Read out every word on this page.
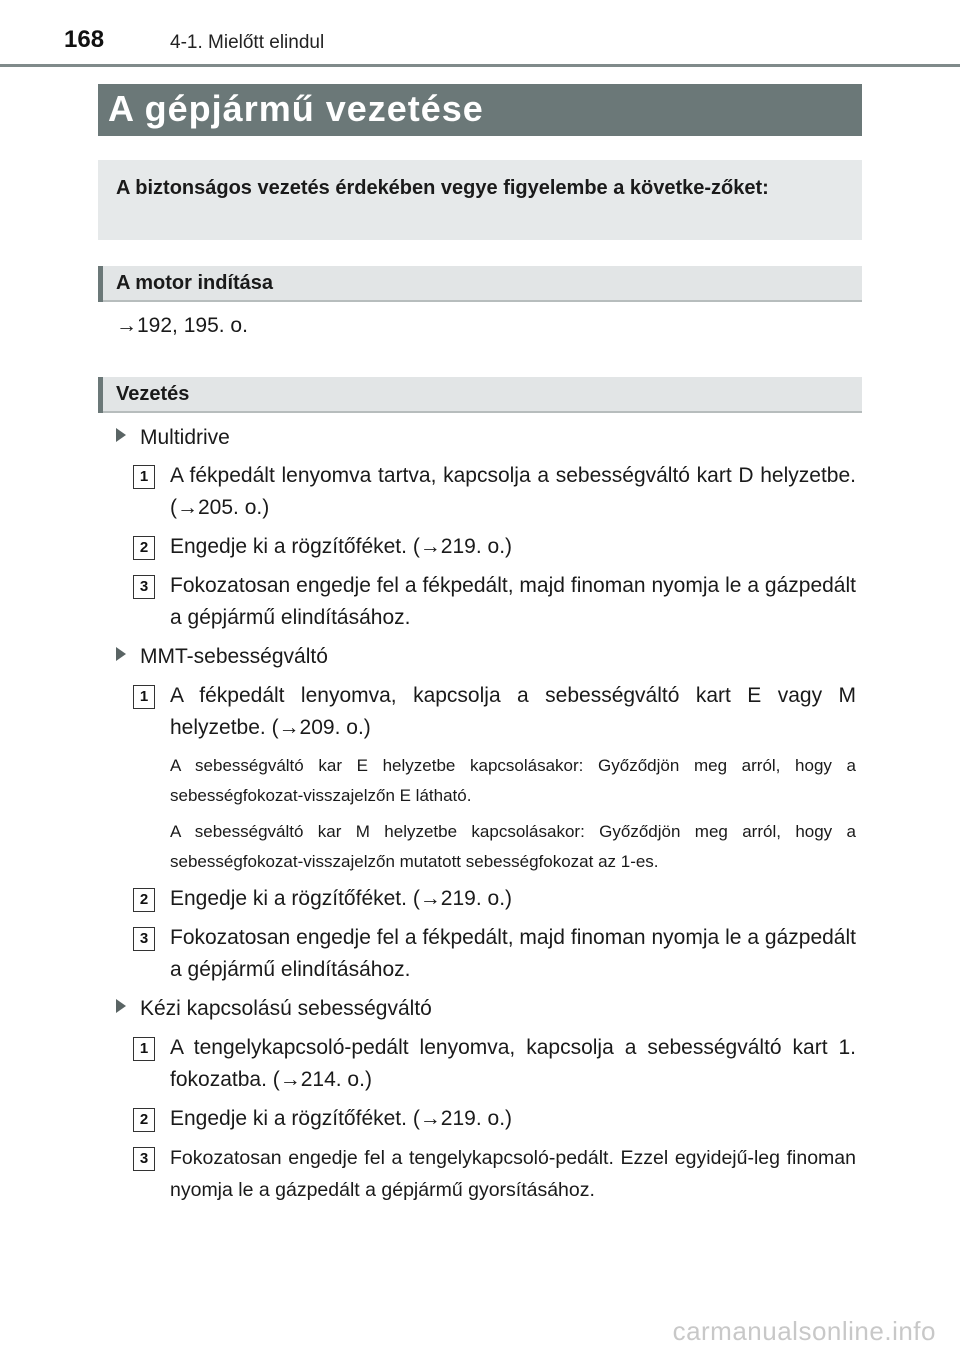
168	4-1. Mielőtt elindul
A gépjármű vezetése
A biztonságos vezetés érdekében vegye figyelembe a követke-zőket:
A motor indítása
→192, 195. o.
Vezetés
Multidrive
1	A fékpedált lenyomva tartva, kapcsolja a sebességváltó kart D helyzetbe. (→205. o.)
2	Engedje ki a rögzítőféket. (→219. o.)
3	Fokozatosan engedje fel a fékpedált, majd finoman nyomja le a gázpedált a gépjármű elindításához.
MMT-sebességváltó
1	A fékpedált lenyomva, kapcsolja a sebességváltó kart E vagy M helyzetbe. (→209. o.)
A sebességváltó kar E helyzetbe kapcsolásakor: Győződjön meg arról, hogy a sebességfokozat-visszajelzőn E látható.
A sebességváltó kar M helyzetbe kapcsolásakor: Győződjön meg arról, hogy a sebességfokozat-visszajelzőn mutatott sebességfokozat az 1-es.
2	Engedje ki a rögzítőféket. (→219. o.)
3	Fokozatosan engedje fel a fékpedált, majd finoman nyomja le a gázpedált a gépjármű elindításához.
Kézi kapcsolású sebességváltó
1	A tengelykapcsoló-pedált lenyomva, kapcsolja a sebességváltó kart 1. fokozatba. (→214. o.)
2	Engedje ki a rögzítőféket. (→219. o.)
3	Fokozatosan engedje fel a tengelykapcsoló-pedált. Ezzel egyidejű-leg finoman nyomja le a gázpedált a gépjármű gyorsításához.
carmanualsonline.info
